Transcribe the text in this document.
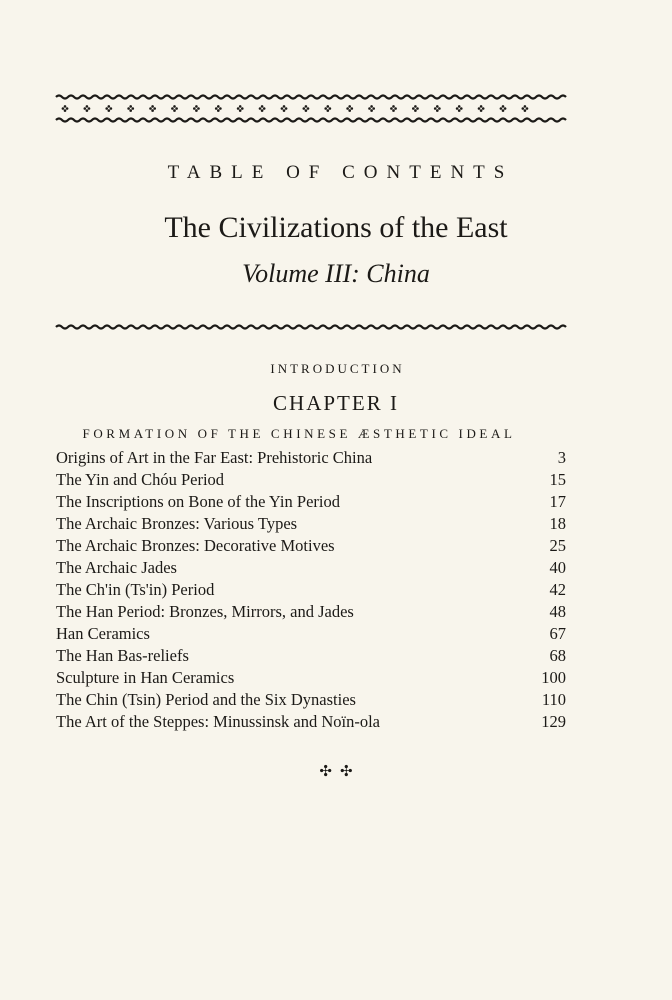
TABLE OF CONTENTS
The Civilizations of the East
Volume III: China
INTRODUCTION
CHAPTER I
FORMATION OF THE CHINESE ÆSTHETIC IDEAL
Origins of Art in the Far East: Prehistoric China	3
The Yin and Chóu Period	15
The Inscriptions on Bone of the Yin Period	17
The Archaic Bronzes: Various Types	18
The Archaic Bronzes: Decorative Motives	25
The Archaic Jades	40
The Ch'in (Ts'in) Period	42
The Han Period: Bronzes, Mirrors, and Jades	48
Han Ceramics	67
The Han Bas-reliefs	68
Sculpture in Han Ceramics	100
The Chin (Tsin) Period and the Six Dynasties	110
The Art of the Steppes: Minussinsk and Noïn-ola	129
✣✣
